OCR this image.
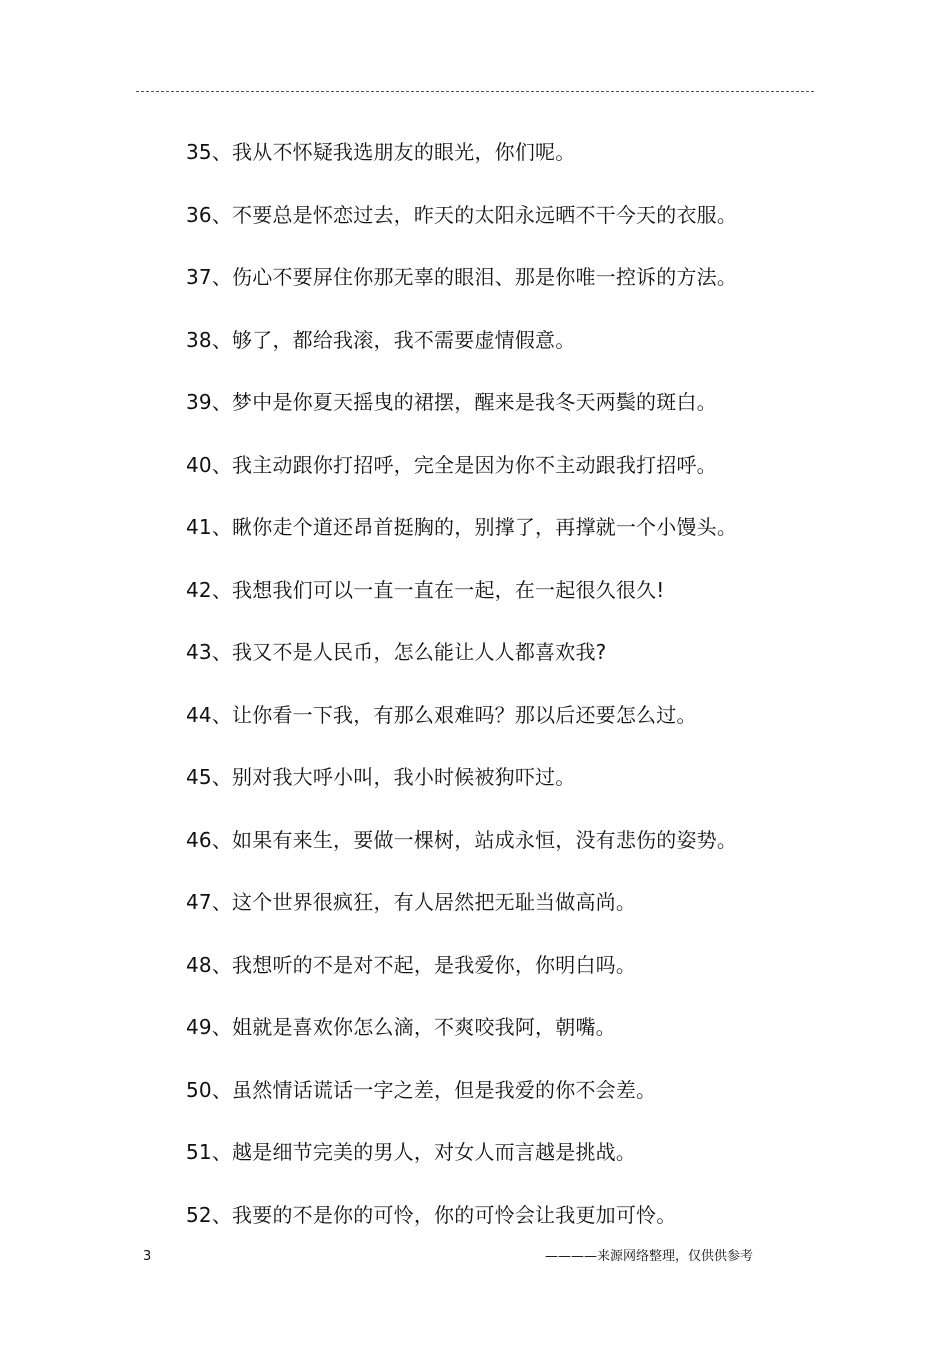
35、我从不怀疑我选朋友的眼光，你们呢。
36、不要总是怀恋过去，昨天的太阳永远晒不干今天的衣服。
37、伤心不要屏住你那无辜的眼泪、那是你唯一控诉的方法。
38、够了，都给我滚，我不需要虚情假意。
39、梦中是你夏天摇曳的裙摆，醒来是我冬天两鬓的斑白。
40、我主动跟你打招呼，完全是因为你不主动跟我打招呼。
41、瞅你走个道还昂首挺胸的，别撑了，再撑就一个小馒头。
42、我想我们可以一直一直在一起，在一起很久很久!
43、我又不是人民币，怎么能让人人都喜欢我?
44、让你看一下我，有那么艰难吗？那以后还要怎么过。
45、别对我大呼小叫，我小时候被狗吓过。
46、如果有来生，要做一棵树，站成永恒，没有悲伤的姿势。
47、这个世界很疯狂，有人居然把无耻当做高尚。
48、我想听的不是对不起，是我爱你，你明白吗。
49、姐就是喜欢你怎么滴，不爽咬我阿，朝嘴。
50、虽然情话谎话一字之差，但是我爱的你不会差。
51、越是细节完美的男人，对女人而言越是挑战。
52、我要的不是你的可怜，你的可怜会让我更加可怜。
3	————来源网络整理，仅供供参考
